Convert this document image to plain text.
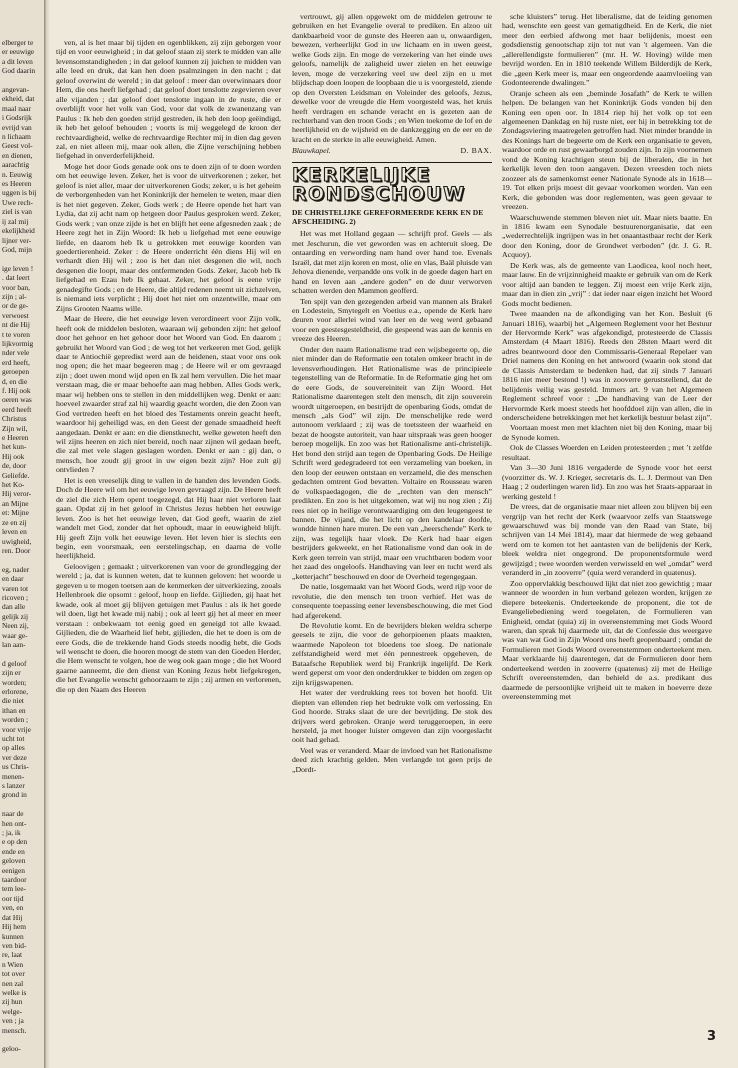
elberger te
er eeuwige
a dit leven
God daarin
angevan-
ekheid, dat
maal naar
i Godsrijk
evrijd van
n lichaam
Geest vol-
en dienen,
aarachtig
n. Eeuwig
es Heeren
uggen is bij
Uwe rech-
ziel is van
ij zal mij
ekelijkheid
lijner ver-
God, mijn
ige leven !
. dat leert
voor ban,
zijn ; al-
or de ge-
verwoest
nt die Hij
t te voren
lijkvormig
nder vele
erd heeft,
geroepen
d, en die
f. Hij ook
oeren was
eerd heeft
Christus
Zijn wil,
e Heeren
het kun-
Hij ook
de, door
Geliefde.
het Ko-
Hij veror-
an Mijne
et: Mijne
ze en zij
leven en
uwigheid,
ren. Door
eg, nader
en daar
varen tot
ricoven ;
dan alle
gelijk zij
Neen zij,
waar ge-
lan aan-
d geloof
zijn er
worden;
erlorene,
die niet
ithan en
worden ;
voor vrije
ucht tot
op alles
ver deze
us Chris-
menen-
s lanzer
grond in
naar de
hen ont-
; ja, ik
e op den
ende en
geloven
eenigen
taardoor
tem lee-
oor tijd
ven, en
dat Hij
Hij hem
kunnen
ven bid-
re, laat
n Wien
tot over
nen zal
welke is
zij hun
welge-
ven ; ja
mensch.
geloo-

ven, al is het maar bij tijden en ogenblikken, zij zijn geborgen voor tijd en voor eeuwigheid ; in dat geloof staan zij sterk te midden van alle levensomstandigheden ; in dat geloof kunnen zij juichen te midden van alle leed en druk, dat kan hen doen psalmzingen in den nacht ; dat geloof overwint de wereld ; in dat geloof : meer dan overwinnaars door Hem, die ons heeft liefgehad ; dat geloof doet tenslotte zegevieren over alle vijanden ; dat geloof doet tenslotte ingaan in de ruste, die er overblijft voor het volk van God, voor dat volk de zwanenzang van Paulus : Ik heb den goeden strijd gestreden, ik heb den loop geëindigd, ik heb het geloof behouden ; voorts is mij weggelegd de kroon der rechtvaardigheid, welke de rechtvaardige Rechter mij in dien dag geven zal, en niet alleen mij, maar ook allen, die Zijne verschijning hebben liefgehad in onverderfelijkheid.

Moge het door Gods genade ook ons te doen zijn of te doen worden om het eeuwige leven. Zeker, het is voor de uitverkorenen ; zeker, het geloof is niet aller, maar der uitverkorenen Gods; zeker, u is het geheim de verborgenheden van het Koninkrijk der hemelen te weten, maar dien is het niet gegeven. Zeker, Gods werk ; de Heere opende het hart van Lydia, dat zij acht nam op hetgeen door Paulus gesproken werd. Zeker, Gods werk ; van onze zijde is het en blijft het eene afgesneden zaak ; de Heere zegt het in Zijn Woord: Ik heb u liefgehad met eene eeuwige liefde, en daarom heb Ik u getrokken met eeuwige koorden van goedertierenheid. Zeker : de Heere onderricht één diens Hij wil en verhardt dien Hij wil ; zoo is het dan niet desgenen die wil, noch desgenen die loopt, maar des ontfermenden Gods. Zeker, Jacob heb Ik liefgehad en Ezau heb Ik gehaat. Zeker, het geloof is eene vrije genadegifte Gods ; en de Heere, die altijd redenen neemt uit zichzelven, is niemand iets verplicht ; Hij doet het niet om onzentwille, maar om Zijns Grooten Naams wille.

Maar de Heere, die het eeuwige leven verordineert voor Zijn volk, heeft ook de middelen besloten, waaraan wij gebonden zijn: het geloof door het gehoor en het gehoor door het Woord van God. En daarom ; gebruikt het Woord van God ; de weg tot het verkeeren met God, gelijk daar te Antiochië geprediкt werd aan de heidenen, staat voor ons ook nog open; die het maar begeeren mag ; de Heere wil er om gevraagd zijn ; doet uwen mond wijd open en Ik zal hem vervullen. Die het maar verstaan mag, die er maar behoefte aan mag hebben. Alles Gods werk, maar wij hebben ons te stellen in den middellijken weg. Denkt er aan: hoeveel zwaarder straf zal hij waardig geacht worden, die den Zoon van God vertreden heeft en het bloed des Testaments onrein geacht heeft, waardoor hij geheiligd was, en den Geest der genade smaadheid heeft aangedaan. Denkt er aan: en die dienstknecht, welke geweten heeft den wil zijns heeren en zich niet bereid, noch naar zijnen wil gedaan heeft, die zal met vele slagen geslagen worden. Denkt er aan : gij dan, o mensch, hoe zoudt gij groot in uw eigen bezit zijn? Hoe zult gij ontvlieden ?

Het is een vreeselijk ding te vallen in de handen des levenden Gods. Doch de Heere wil om het eeuwige leven gevraagd zijn. De Heere heeft de ziel die zich Hem opent toegezegd, dat Hij haar niet verloren laat gaan. Opdat zij in het geloof in Christus Jezus hebben het eeuwige leven. Zoo is het het eeuwige leven, dat God geeft, waarin de ziel wandelt met God, zonder dat het ophoudt, maar in eeuwigheid blijft. Hij geeft Zijn volk het eeuwige leven. Het leven hier is slechts een begin, een voorsmaak, een eerstelingschap, en daarna de volle heerlijkheid.

Geloovigen ; gemaakt ; uitverkorenen van voor de grondlegging der wereld ; ja, dat is kunnen weten, dat te kunnen geloven: het woorde u gegeven u te mogen toetsen aan de kenmerken der uitverkiezing, zooals Hellenbroek die opsomt : geloof, hoop en liefde. Gijlieden, gij haat het kwade, ook al moet gij blijven getuigen met Paulus : als ik het goede wil doen, ligt het kwade mij nabij ; ook al leert gij het al meer en meer verstaan : onbekwaam tot eenig goed en geneigd tot alle kwaad. Gijlieden, die de Waarheid lief hebt, gijlieden, die het te doen is om de eere Gods, die de trekkende hand Gods steeds noodig hebt, die Gods wil wenscht te doen, die hooren moogt de stem van den Goeden Herder, die Hem wenscht te volgen, hoe de weg ook gaan moge ; die het Woord gaarne aanneemt, die den dienst van Koning Jezus hebt liefgekregen, die het Evangelie wenscht gehoorzaam te zijn ; zij armen en verlorenen, die op den Naam des Heeren

vertrouwt, gij allen opgewekt om de middelen getrouw te gebruiken en het Evangelie overal te prediken. En alzoo uit dankbaarheid voor de gunste des Heeren aan u, onwaardigen, bewezen, verheerlijkt God in uw lichaam en in uwen geest, welke Gods zijn. En moge de verzekering van het einde uws geloofs, namelijk de zaligheid uwer zielen en het eeuwige leven, moge de verzekering veel uw deel zijn en u met blijdschap doen loopen de loopbaan die u is voorgesteld, ziende op den Oversten Leidsman en Voleinder des geloofs, Jezus, dewelke voor de vreugde die Hem voorgesteld was, het kruis heeft verdragen en schande veracht en is gezeten aan de rechterhand van den troon Gods ; en Wien toekome de lof en de heerlijkheid en de wijsheid en de dankzegging en de eer en de kracht en de sterkte in alle eeuwigheid. Amen.

Blauwkapel.	D. BAX.
KERKELIJKE
RONDSCHOUW
DE CHRISTELIJKE GEREFORMEERDE KERK EN DE AFSCHEIDING. 2)

Het was met Holland gegaan — schrijft prof. Geels — als met Jeschurun, die vet geworden was en achteruit sloeg. De ontaarding en verwording nam hand over hand toe. Evenals Israël, dat met zijn koren en most, olie en vlas, Baäl pluisde van Jehova dienende, verpandde ons volk in de goede dagen hart en hand en leven aan „andere goden” en de duur verworven schatten werden den Mammon geofferd.

Ten spijt van den gezegenden arbeid van mannen als Brakel en Lodestein, Smytegelt en Voetius e.a., opende de Kerk hare deuren voor allerlei wind van leer en de weg werd gebaand voor een geestesgesteldheid, die gespeend was aan de kennis en vreeze des Heeren.

Onder den naam Rationalisme trad een wijsbegeerte op, die niet minder dan de Reformatie een totalen omkeer bracht in de levensverhoudingen. Het Rationalisme was de principieele tegenstelling van de Reformatie. In de Reformatie ging het om de eere Gods, de souvereiniteit van Zijn Woord. Het Rationalisme daarentegen stelt den mensch, dit zijn souverein woordt uitgeroepen, en bestrijdt de openbaring Gods, omdat de mensch „als God” wil zijn. De menschelijke rede werd autonoom verklaard ; zij was de toetssteen der waarheid en bezat de hoogste autoriteit, van haar uitspraak was geen hooger beroep mogelijk. En zoo was het Rationalisme anti-christelijk. Het bond den strijd aan tegen de Openbaring Gods. De Heilige Schrift werd gedegradeerd tot een verzameling van boeken, in den loop der eeuwen ontstaan en verzameld, die des menschen gedachten omtrent God bevatten. Voltaire en Rousseau waren de volkspaedagogen, die de „rechten van den mensch” predikten. En zoo is het uitgekomen, wat wij nu nog zien ; Zij rees niet op in heilige verontwaardiging om den leugengeest te bannen. De vijand, die het licht op den kandelaar doofde, wondde hinnen hare muren. De een van „heerschende” Kerk te zijn, was tegelijk haar vloek. De Kerk had haar eigen bestrijders gekweekt, en het Rationalisme vond dan ook in de Kerk geen terrein van strijd, maar een vruchtbaren bodem voor het zaad des ongeloofs. Handhaving van leer en tucht werd als „ketterjacht” beschouwd en door de Overheid tegengegaan.

De natie, losgemaakt van het Woord Gods, werd rijp voor de revolutie, die den mensch ten troon verhief. Het was de consequente toepassing eener levensbeschouwing, die met God had afgerekend.

De Revolutie komt. En de bevrijders bleken weldra scherpe geesels te zijn, die voor de gehorpioenen plaats maakten, waarmede Napoleon tot bloedens toe sloeg. De nationale zelfstandigheid werd met één pennestreek opgeheven, de Bataafsche Republiek werd bij Frankrijk ingelijfd. De Kerk werd geperst om voor den onderdrukker te bidden om zegen op zijn krijgswapenen.

Het water der verdrukking rees tot boven het hoofd. Uit diepten van ellenden riep het bedrukte volk om verlossing. En God hoorde. Straks slaat de ure der bevrijding. De stok des drijvers werd gebroken. Oranje werd teruggeroepen, in eere hersteld, ja met hooger luister omgeven dan zijn voorgeslacht ooit had gehad.

Veel was er veranderd. Maar de invloed van het Rationalisme deed zich krachtig gelden. Men verlangde tot geen prijs de „Dordt-

sche kluisters” terug. Het liberalisme, dat de leiding genomen had, wenschte een geest van gematigdheid. En de Kerk, die niet meer den eerbied afdwong met haar belijdenis, moest een godsdienstig genootschap zijn tot nut van 't algemeen. Van die „allerellendigste formulieren” (mr. H. W. Hoving) wilde men bevrijd worden. En in 1810 teekende Willem Bilderdijk de Kerk, die „geen Kerk meer is, maar een ongeordende aaamvloeiing van Godonteerende dwalingen.”

Oranje scheen als een „beminde Josafath” de Kerk te willen helpen. De belangen van het Koninkrijk Gods vonden bij den Koning een open oor. In 1814 riep hij het volk op tot een algemeenen Dankdag en hij ruste niet, eer hij in betrekking tot de Zondagsviering maatregelen getroffen had. Niet minder brandde in des Konings hart de begeerte om de Kerk een organisatie te geven, waardoor orde en rust gewaarborgd zouden zijn. In zijn voornemen vond de Koning krachtigen steun bij de liberalen, die in het kerkelijk leven den toon aangaven. Dezen vreesden toch niets zoozeer als de samenkomst eener Nationale Synode als in 1618—19. Tot elken prijs moest dit gevaar voorkomen worden. Van een Kerk, die gebonden was door reglementen, was geen gevaar te vreezen.

Waarschuwende stemmen bleven niet uit. Maar niets baatte. En in 1816 kwam een Synodale bestuurenorganisatie, dat een „wederrechtelijk ingrijpen was in het onaantastbaar recht der Kerk door den Koning, door de Grondwet verboden” (dr. J. G. R. Acquoy).

De Kerk was, als de gemeente van Laodicea, kool noch heet, maar lauw. En de vrijzinnigheid maakte er gebruik van om de Kerk voor altijd aan banden te leggen. Zij moest een vrije Kerk zijn, maar dan in dien zin „vrij” : dat ieder naar eigen inzicht het Woord Gods mocht bedienen.

Twee maanden na de afkondiging van het Kon. Besluit (6 Januari 1816), waarbij het „Algemeen Reglement voor het Bestuur der Hervormde Kerk” was afgekondigd, protesteerde de Classis Amsterdam (4 Maart 1816). Reeds den 28sten Maart werd dit adres beantwoord door den Commissaris-Generaal Repelaer van Driel namens den Koning en het antwoord (waarin ook stond dat de Classis Amsterdam te bedenken had, dat zij sinds 7 Januari 1816 niet meer bestond !) was in zooverre geruststellend, dat de belijdenis veilig was gesteld. Immers art. 9 van het Algemeen Reglement schreef voor : „De handhaving van de Leer der Hervormde Kerk moest steeds het hoofddoel zijn van allen, die in onderscheidene betrekkingen met het kerkelijk bestuur belast zijn”.

Voortaan moest men met klachten niet bij den Koning, maar bij de Synode komen.

Ook de Classes Woerden en Leiden protesteerden ; met ’t zelfde resultaat.

Van 3—30 Juni 1816 vergaderde de Synode voor het eerst (voorzitter ds. W. J. Krieger, secretaris ds. L. J. Dermout van Den Haag ; 2 ouderlingen waren lid). En zoo was het Staats-apparaat in werking gesteld !

De vrees, dat de organisatie maar niet alleen zou blijven bij een vergrijp van het recht der Kerk (waarvoor zelfs van Staatswege gewaarschuwd was bij monde van den Raad van State, bij schrijven van 14 Mei 1814), maar dat hiermede de weg gebaand werd om te komen tot het aantasten van de belijdenis der Kerk, bleek weldra niet ongegrond. De proponentsformule werd gewijzigd ; twee woorden werden verwisseld en wel „omdat” werd veranderd in „in zooverre” (quia werd veranderd in quatenus).

Zoo oppervlakkig beschouwd lijkt dat niet zoo gewichtig ; maar wanneer de woorden in hun verband gelezen worden, krijgen ze diepere beteekenis. Onderteekende de proponent, die tot de Evangeliebediening werd toegelaten, de Formulieren van Enigheid, omdat (quia) zij in overeenstemming met Gods Woord waren, dan sprak hij daarmede uit, dat de Confessie dus weergave was van wat God in Zijn Woord ons heeft geopenbaard ; omdat de Formulieren met Gods Woord overeenstemmen onderteekent men. Maar verklaarde hij daarentegen, dat de Formulieren door hem onderteekend werden in zooverre (quatenus) zij met de Heilige Schrift overeenstemden, dan behield de a.s. predikant dus daarmede de persoonlijke vrijheid uit te maken in hoeverre deze overeenstemming met

3
